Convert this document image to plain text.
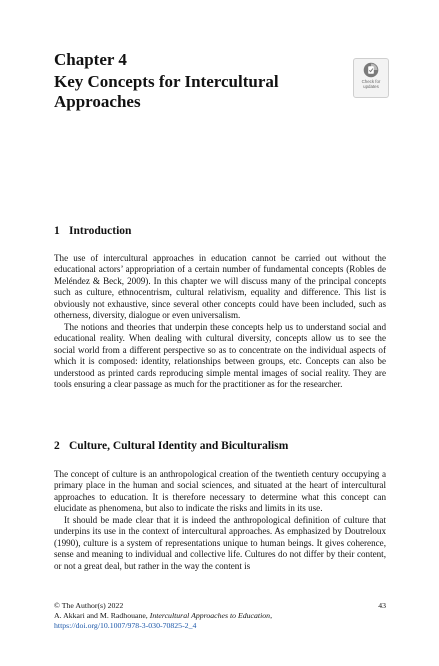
Chapter 4
Key Concepts for Intercultural Approaches
Check for
updates
1 Introduction

The use of intercultural approaches in education cannot be carried out without the educational actors’ appropriation of a certain number of fundamental concepts (Robles de Meléndez & Beck, 2009). In this chapter we will discuss many of the principal concepts such as culture, ethnocentrism, cultural relativism, equality and difference. This list is obviously not exhaustive, since several other concepts could have been included, such as otherness, diversity, dialogue or even universalism.

The notions and theories that underpin these concepts help us to understand social and educational reality. When dealing with cultural diversity, concepts allow us to see the social world from a different perspective so as to concentrate on the individual aspects of which it is composed: identity, relationships between groups, etc. Concepts can also be understood as printed cards reproducing simple mental images of social reality. They are tools ensuring a clear passage as much for the practitioner as for the researcher.

2 Culture, Cultural Identity and Biculturalism

The concept of culture is an anthropological creation of the twentieth century occupying a primary place in the human and social sciences, and situated at the heart of intercultural approaches to education. It is therefore necessary to determine what this concept can elucidate as phenomena, but also to indicate the risks and limits in its use.

It should be made clear that it is indeed the anthropological definition of culture that underpins its use in the context of intercultural approaches. As emphasized by Doutreloux (1990), culture is a system of representations unique to human beings. It gives coherence, sense and meaning to individual and collective life. Cultures do not differ by their content, or not a great deal, but rather in the way the content is

© The Author(s) 2022
A. Akkari and M. Radhouane, Intercultural Approaches to Education,
https://doi.org/10.1007/978-3-030-70825-2_4
43
